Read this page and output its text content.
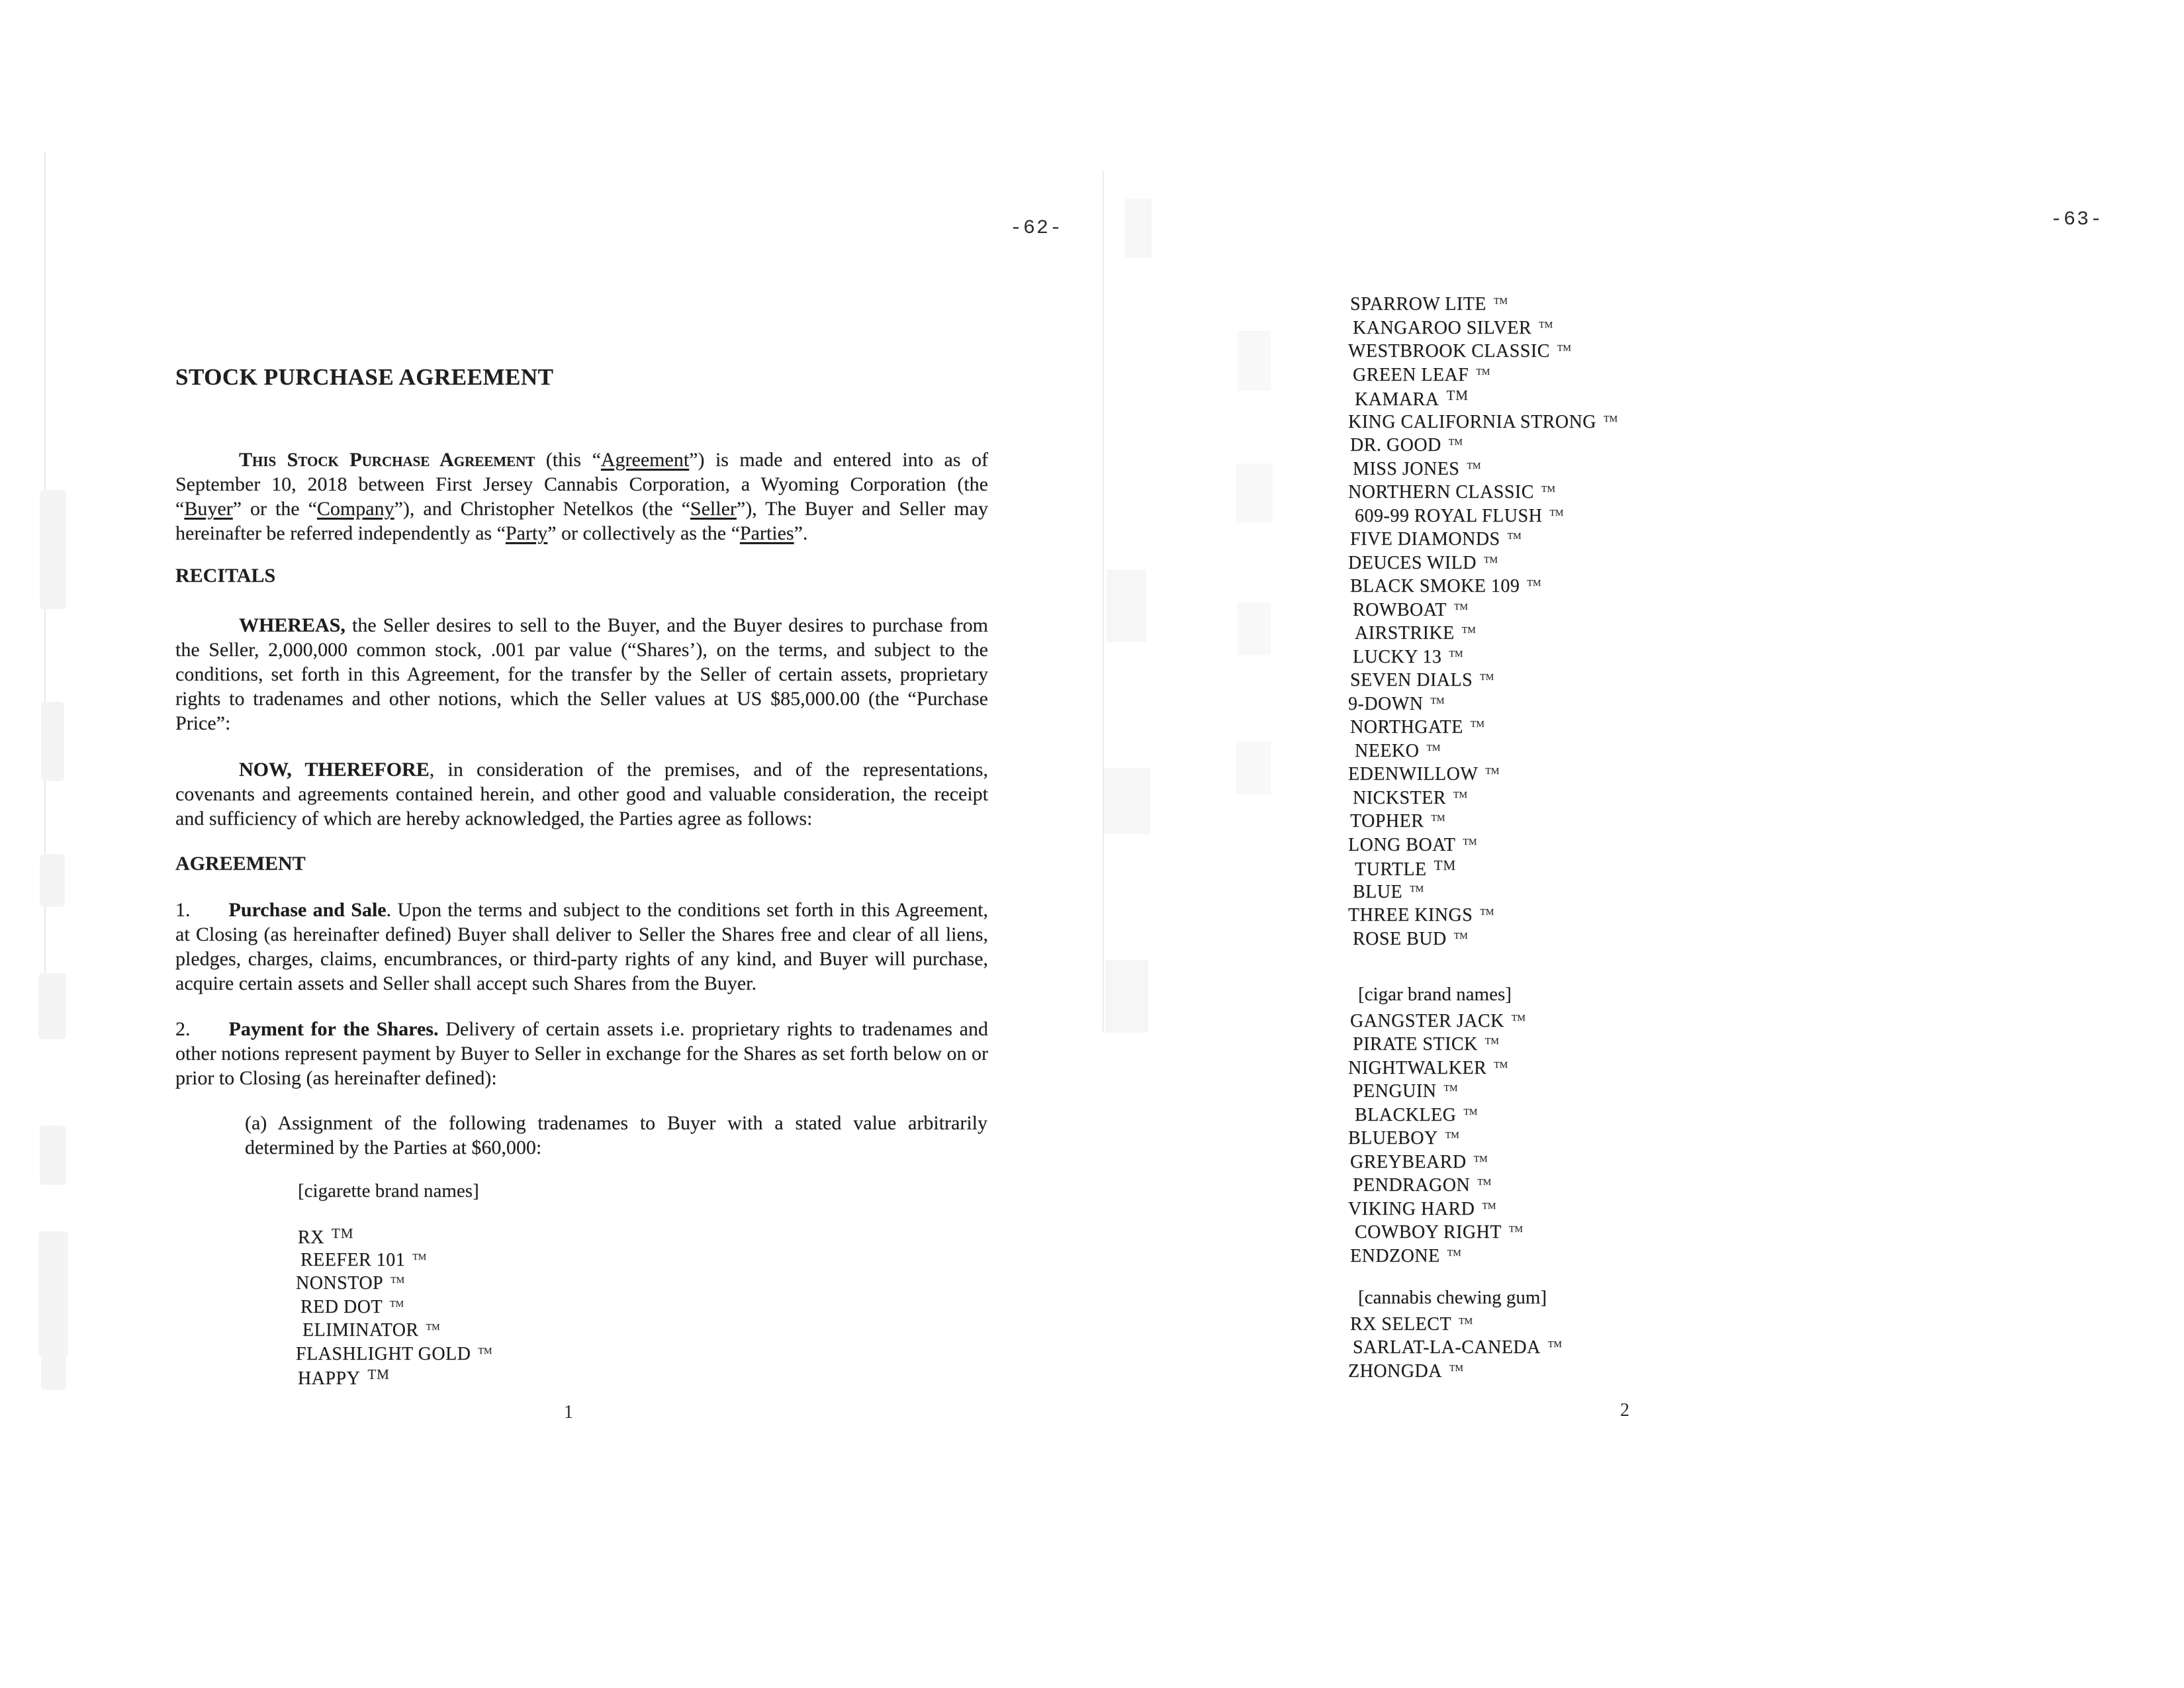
-62-
STOCK PURCHASE AGREEMENT

This Stock Purchase Agreement (this “Agreement”) is made and entered into as of September 10, 2018 between First Jersey Cannabis Corporation, a Wyoming Corporation (the “Buyer” or the “Company”), and Christopher Netelkos (the “Seller”), The Buyer and Seller may hereinafter be referred independently as “Party” or collectively as the “Parties”.

RECITALS

WHEREAS, the Seller desires to sell to the Buyer, and the Buyer desires to purchase from the Seller, 2,000,000 common stock, .001 par value (“Shares’), on the terms, and subject to the conditions, set forth in this Agreement, for the transfer by the Seller of certain assets, proprietary rights to tradenames and other notions, which the Seller values at US $85,000.00 (the “Purchase Price”:

NOW, THEREFORE, in consideration of the premises, and of the representations, covenants and agreements contained herein, and other good and valuable consideration, the receipt and sufficiency of which are hereby acknowledged, the Parties agree as follows:

AGREEMENT

1. Purchase and Sale. Upon the terms and subject to the conditions set forth in this Agreement, at Closing (as hereinafter defined) Buyer shall deliver to Seller the Shares free and clear of all liens, pledges, charges, claims, encumbrances, or third-party rights of any kind, and Buyer will purchase, acquire certain assets and Seller shall accept such Shares from the Buyer.

2. Payment for the Shares. Delivery of certain assets i.e. proprietary rights to tradenames and other notions represent payment by Buyer to Seller in exchange for the Shares as set forth below on or prior to Closing (as hereinafter defined):

(a) Assignment of the following tradenames to Buyer with a stated value arbitrarily determined by the Parties at $60,000:

[cigarette brand names]
RX TM
REEFER 101 TM
NONSTOP TM
RED DOT TM
ELIMINATOR TM
FLASHLIGHT GOLD TM
HAPPY TM
1
-63-
SPARROW LITE TM
KANGAROO SILVER TM
WESTBROOK CLASSIC TM
GREEN LEAF TM
KAMARA TM
KING CALIFORNIA STRONG TM
DR. GOOD TM
MISS JONES TM
NORTHERN CLASSIC TM
609-99 ROYAL FLUSH TM
FIVE DIAMONDS TM
DEUCES WILD TM
BLACK SMOKE 109 TM
ROWBOAT TM
AIRSTRIKE TM
LUCKY 13 TM
SEVEN DIALS TM
9-DOWN TM
NORTHGATE TM
NEEKO TM
EDENWILLOW TM
NICKSTER TM
TOPHER TM
LONG BOAT TM
TURTLE TM
BLUE TM
THREE KINGS TM
ROSE BUD TM
[cigar brand names]
GANGSTER JACK TM
PIRATE STICK TM
NIGHTWALKER TM
PENGUIN TM
BLACKLEG TM
BLUEBOY TM
GREYBEARD TM
PENDRAGON TM
VIKING HARD TM
COWBOY RIGHT TM
ENDZONE TM
[cannabis chewing gum]
RX SELECT TM
SARLAT-LA-CANEDA TM
ZHONGDA TM
2
